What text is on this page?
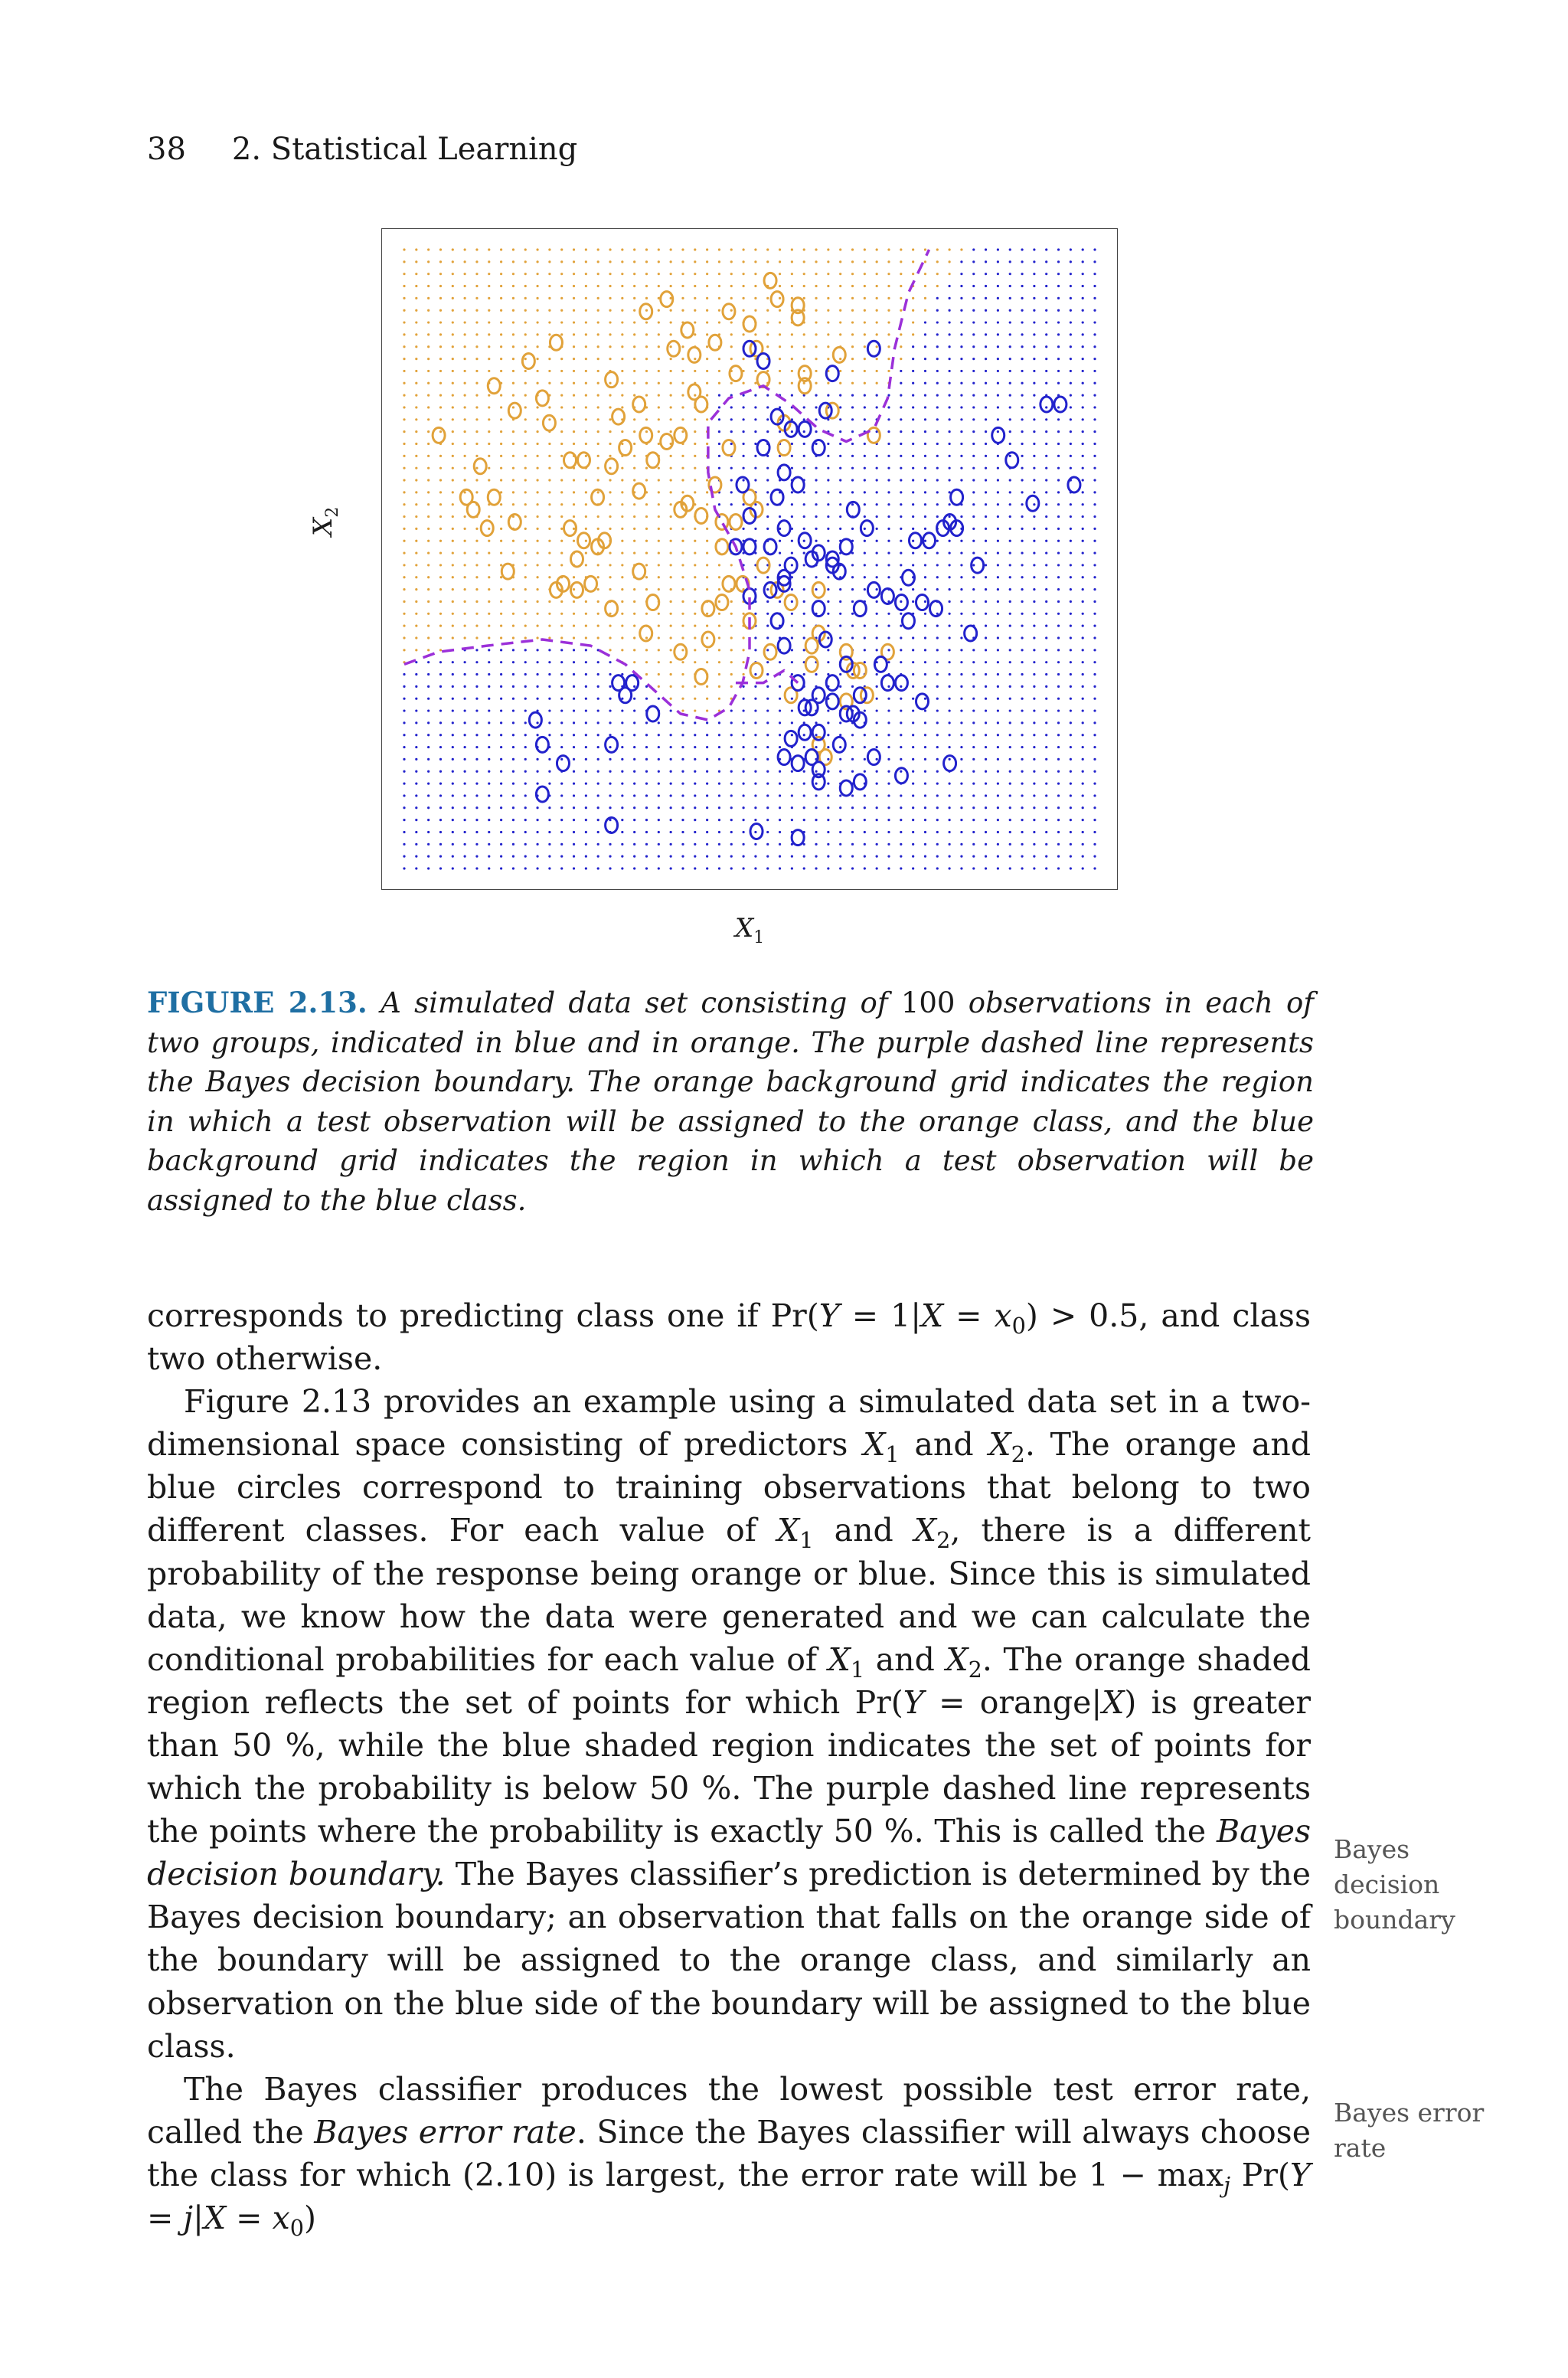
38 2. Statistical Learning
$X_1$
$X_2$
FIGURE 2.13. A simulated data set consisting of 100 observations in each of two groups, indicated in blue and in orange. The purple dashed line represents the Bayes decision boundary. The orange background grid indicates the region in which a test observation will be assigned to the orange class, and the blue background grid indicates the region in which a test observation will be assigned to the blue class.

corresponds to predicting class one if $Pr(Y = 1|X = x_0) > 0.5$, and class two otherwise.

Figure 2.13 provides an example using a simulated data set in a two-dimensional space consisting of predictors $X_1$ and $X_2$. The orange and blue circles correspond to training observations that belong to two different classes. For each value of $X_1$ and $X_2$, there is a different probability of the response being orange or blue. Since this is simulated data, we know how the data were generated and we can calculate the conditional probabilities for each value of $X_1$ and $X_2$. The orange shaded region reflects the set of points for which Pr(Y = orange|X) is greater than 50 %, while the blue shaded region indicates the set of points for which the probability is below 50 %. The purple dashed line represents the points where the probability is exactly 50 %. This is called the Bayes decision boundary. The Bayes classifier’s prediction is determined by the Bayes decision boundary; an observation that falls on the orange side of the boundary will be assigned to the orange class, and similarly an observation on the blue side of the boundary will be assigned to the blue class.

The Bayes classifier produces the lowest possible test error rate, called the Bayes error rate. Since the Bayes classifier will always choose the class for which (2.10) is largest, the error rate will be $1 - \max_j Pr(Y = j|X = x_0)$

Bayes decision boundary
Bayes error rate
